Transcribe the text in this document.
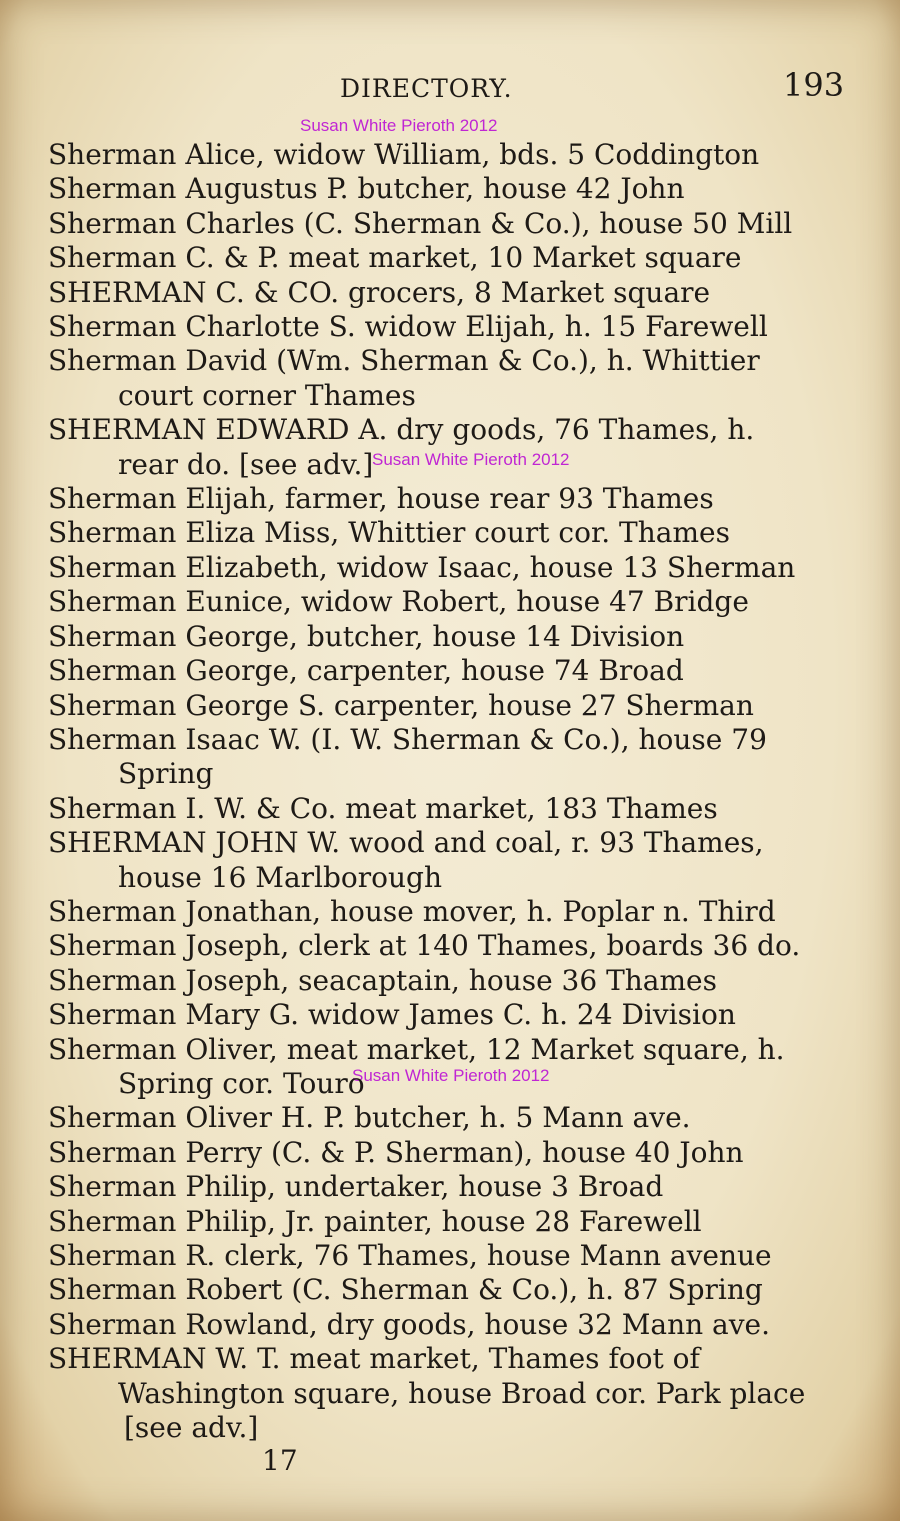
DIRECTORY.	193
Susan White Pieroth 2012
Susan White Pieroth 2012
Susan White Pieroth 2012
Sherman Alice, widow William, bds. 5 Coddington
Sherman Augustus P. butcher, house 42 John
Sherman Charles (C. Sherman & Co.), house 50 Mill
Sherman C. & P. meat market, 10 Market square
SHERMAN C. & CO. grocers, 8 Market square
Sherman Charlotte S. widow Elijah, h. 15 Farewell
Sherman David (Wm. Sherman & Co.), h. Whittier
court corner Thames
SHERMAN EDWARD A. dry goods, 76 Thames, h.
rear do. [see adv.]
Sherman Elijah, farmer, house rear 93 Thames
Sherman Eliza Miss, Whittier court cor. Thames
Sherman Elizabeth, widow Isaac, house 13 Sherman
Sherman Eunice, widow Robert, house 47 Bridge
Sherman George, butcher, house 14 Division
Sherman George, carpenter, house 74 Broad
Sherman George S. carpenter, house 27 Sherman
Sherman Isaac W. (I. W. Sherman & Co.), house 79
Spring
Sherman I. W. & Co. meat market, 183 Thames
SHERMAN JOHN W. wood and coal, r. 93 Thames,
house 16 Marlborough
Sherman Jonathan, house mover, h. Poplar n. Third
Sherman Joseph, clerk at 140 Thames, boards 36 do.
Sherman Joseph, seacaptain, house 36 Thames
Sherman Mary G. widow James C. h. 24 Division
Sherman Oliver, meat market, 12 Market square, h.
Spring cor. Touro
Sherman Oliver H. P. butcher, h. 5 Mann ave.
Sherman Perry (C. & P. Sherman), house 40 John
Sherman Philip, undertaker, house 3 Broad
Sherman Philip, Jr. painter, house 28 Farewell
Sherman R. clerk, 76 Thames, house Mann avenue
Sherman Robert (C. Sherman & Co.), h. 87 Spring
Sherman Rowland, dry goods, house 32 Mann ave.
SHERMAN W. T. meat market, Thames foot of
Washington square, house Broad cor. Park place
[see adv.]
17
